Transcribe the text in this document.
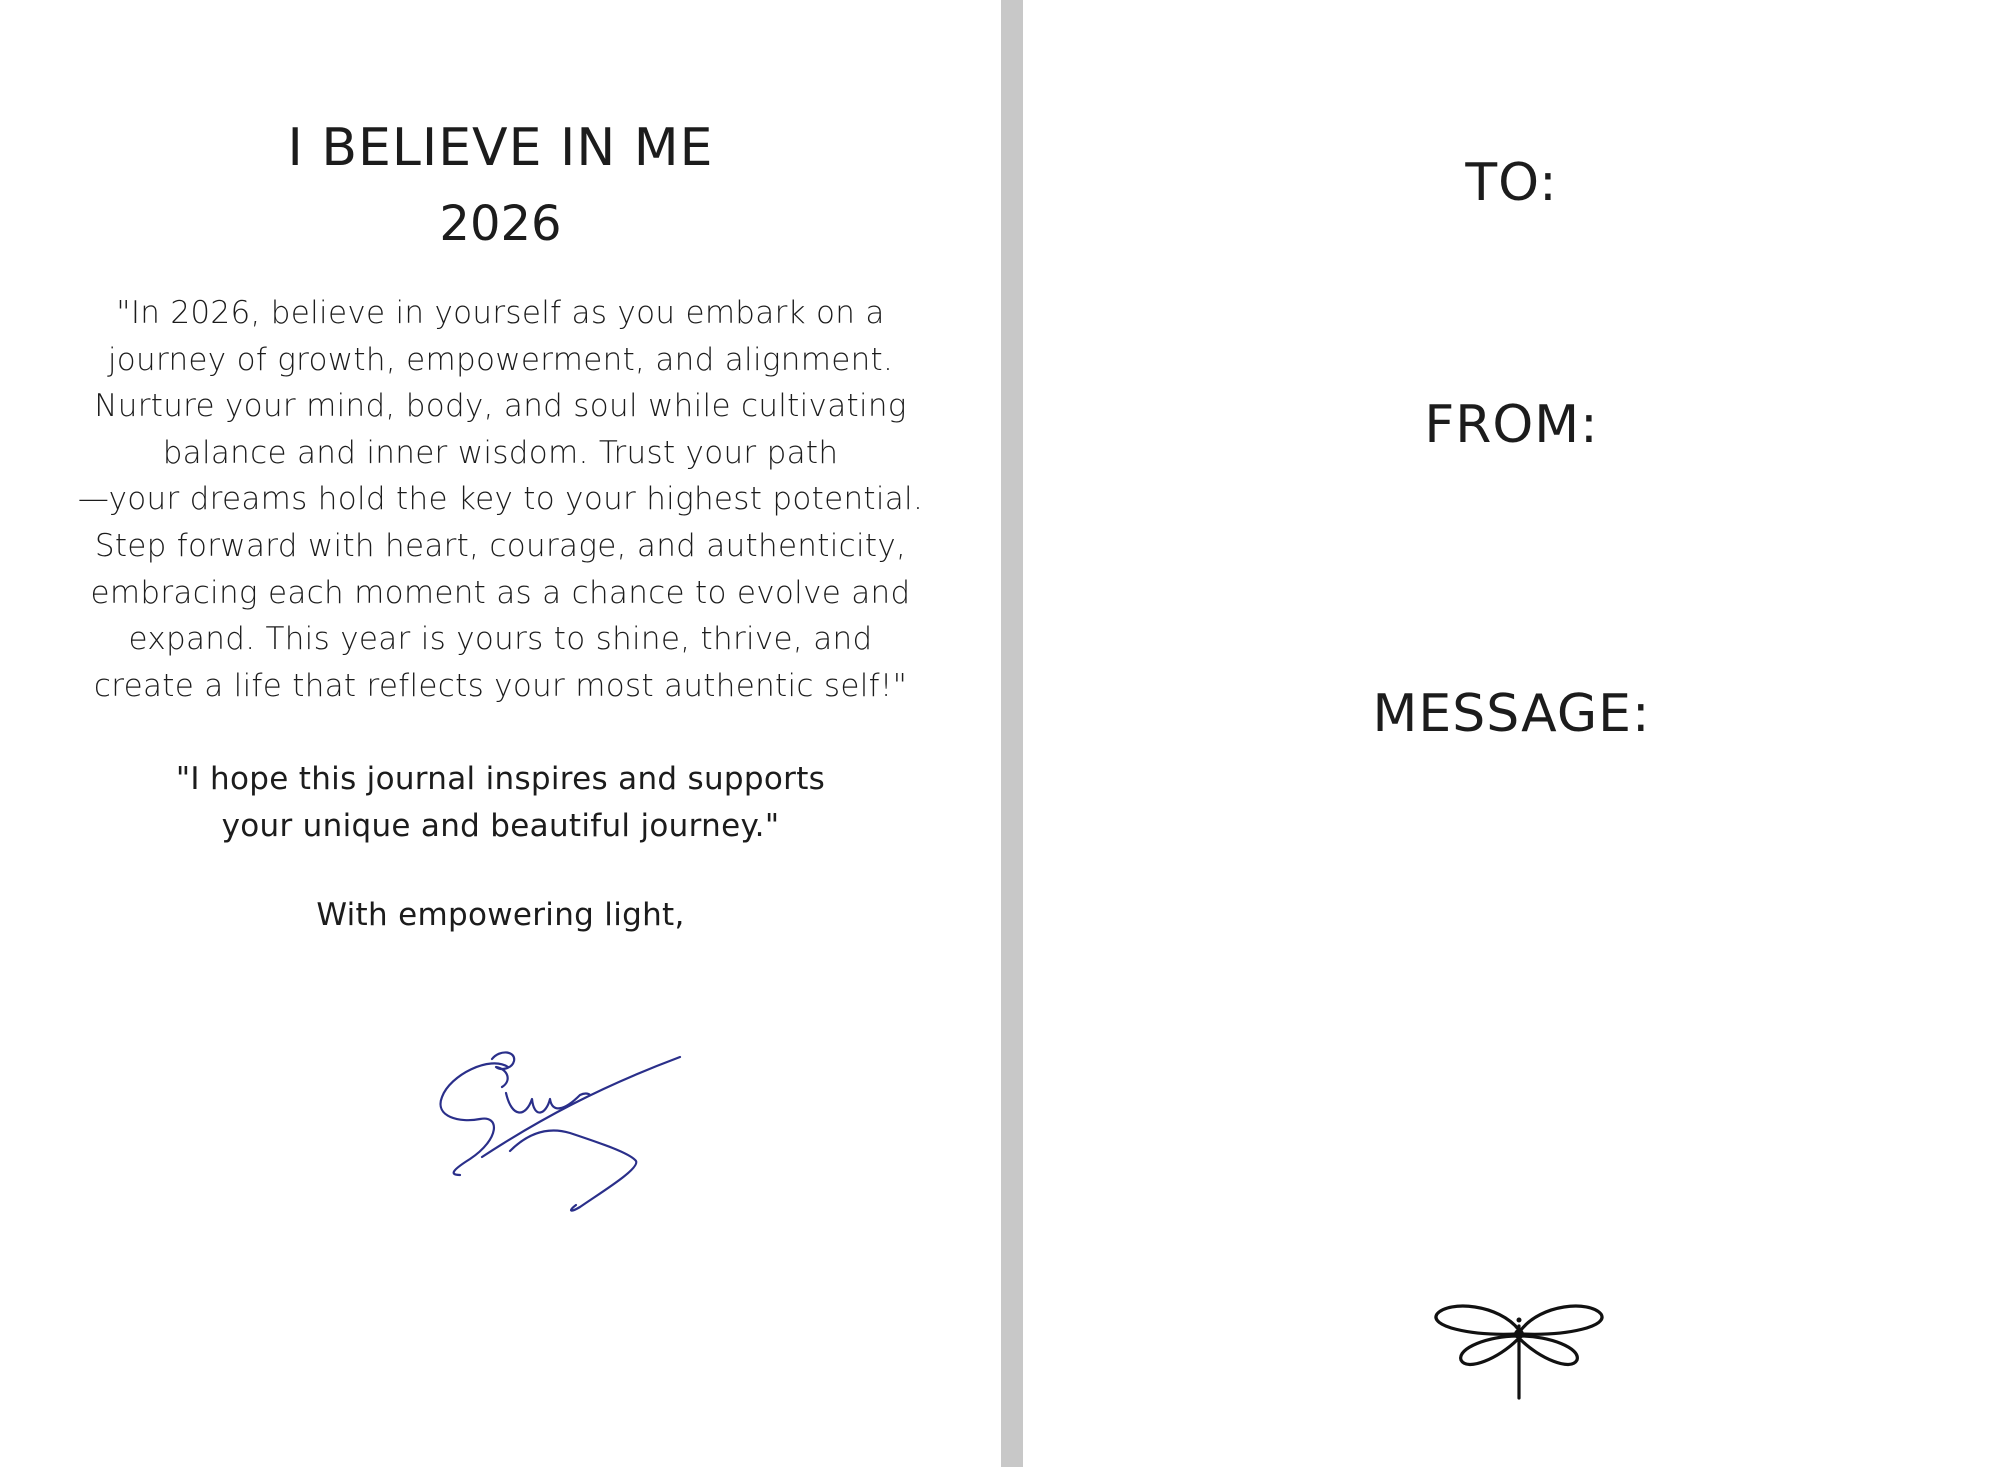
I BELIEVE IN ME
2026
"In 2026, believe in yourself as you embark on a
journey of growth, empowerment, and alignment.
Nurture your mind, body, and soul while cultivating
balance and inner wisdom. Trust your path
—your dreams hold the key to your highest potential.
Step forward with heart, courage, and authenticity,
embracing each moment as a chance to evolve and
expand. This year is yours to shine, thrive, and
create a life that reflects your most authentic self!"
"I hope this journal inspires and supports
your unique and beautiful journey."
With empowering light,
TO:
FROM:
MESSAGE:
